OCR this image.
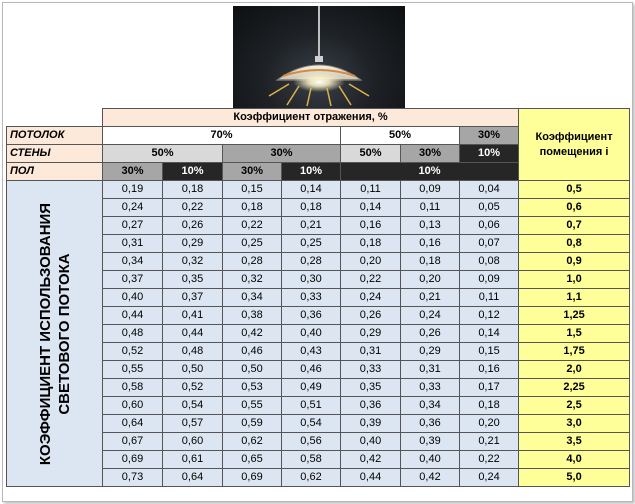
	Коэффициент отражения, %							Коэффициент помещения i
ПОТОЛОК	70%				50%		30%	
СТЕНЫ	50%		30%		50%	30%	10%	
ПОЛ	30%	10%	30%	10%	10%			

КОЭФФИЦИЕНТ ИСПОЛЬЗОВАНИЯ СВЕТОВОГО ПОТОКА	0,19	0,18	0,15	0,14	0,11	0,09	0,04	0,5
	0,24	0,22	0,18	0,18	0,14	0,11	0,05	0,6
	0,27	0,26	0,22	0,21	0,16	0,13	0,06	0,7
	0,31	0,29	0,25	0,25	0,18	0,16	0,07	0,8
	0,34	0,32	0,28	0,28	0,20	0,18	0,08	0,9
	0,37	0,35	0,32	0,30	0,22	0,20	0,09	1,0
	0,40	0,37	0,34	0,33	0,24	0,21	0,11	1,1
	0,44	0,41	0,38	0,36	0,26	0,24	0,12	1,25
	0,48	0,44	0,42	0,40	0,29	0,26	0,14	1,5
	0,52	0,48	0,46	0,43	0,31	0,29	0,15	1,75
	0,55	0,50	0,50	0,46	0,33	0,31	0,16	2,0
	0,58	0,52	0,53	0,49	0,35	0,33	0,17	2,25
	0,60	0,54	0,55	0,51	0,36	0,34	0,18	2,5
	0,64	0,57	0,59	0,54	0,39	0,36	0,20	3,0
	0,67	0,60	0,62	0,56	0,40	0,39	0,21	3,5
	0,69	0,61	0,65	0,58	0,42	0,40	0,22	4,0
	0,73	0,64	0,69	0,62	0,44	0,42	0,24	5,0
